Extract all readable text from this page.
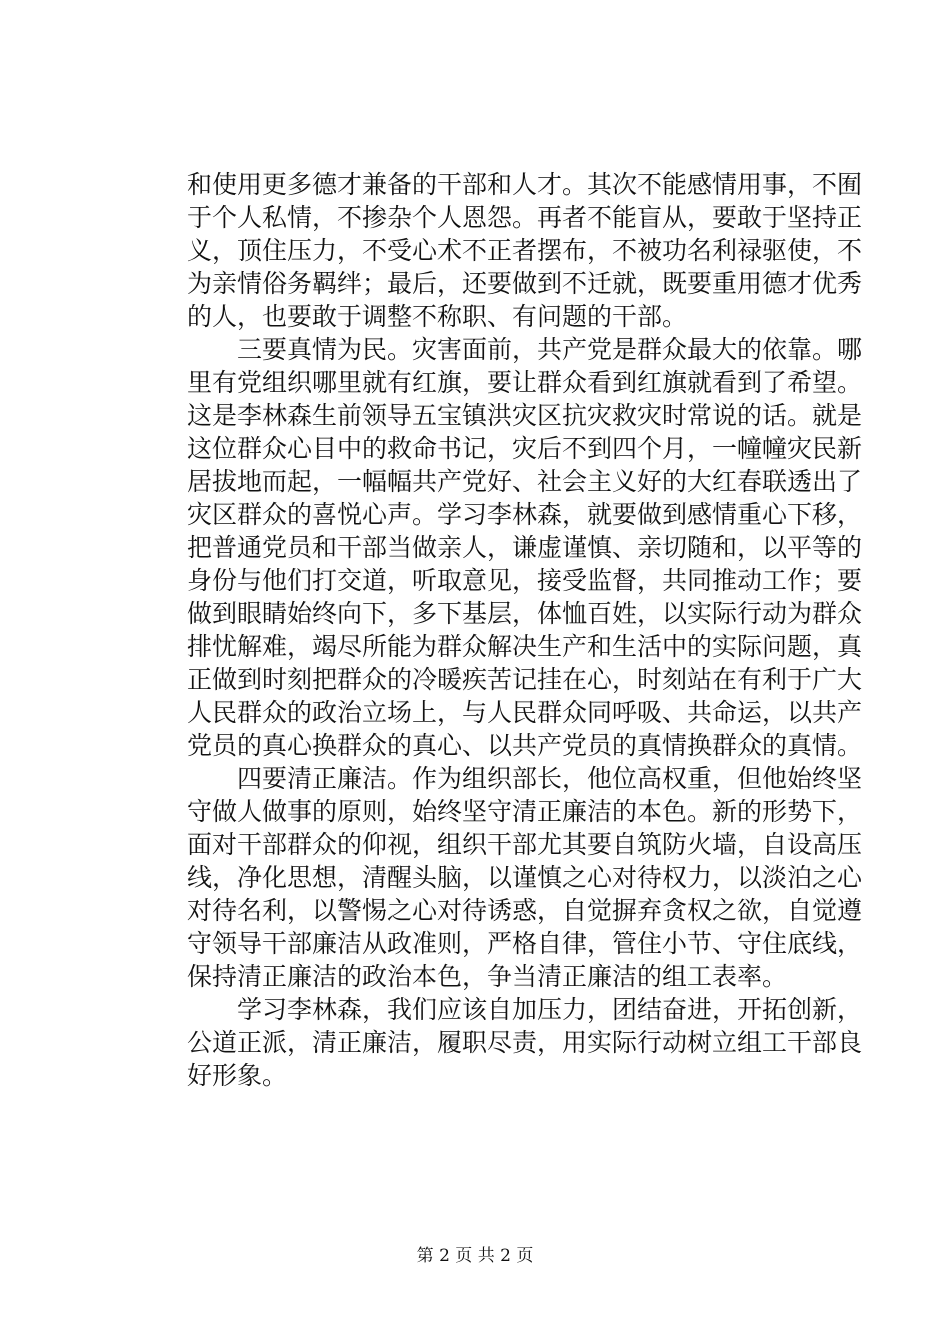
和使用更多德才兼备的干部和人才。其次不能感情用事，不囿
于个人私情，不掺杂个人恩怨。再者不能盲从，要敢于坚持正
义，顶住压力，不受心术不正者摆布，不被功名利禄驱使，不
为亲情俗务羁绊；最后，还要做到不迁就，既要重用德才优秀
的人，也要敢于调整不称职、有问题的干部。
　　三要真情为民。灾害面前，共产党是群众最大的依靠。哪
里有党组织哪里就有红旗，要让群众看到红旗就看到了希望。
这是李林森生前领导五宝镇洪灾区抗灾救灾时常说的话。就是
这位群众心目中的救命书记，灾后不到四个月，一幢幢灾民新
居拔地而起，一幅幅共产党好、社会主义好的大红春联透出了
灾区群众的喜悦心声。学习李林森，就要做到感情重心下移，
把普通党员和干部当做亲人，谦虚谨慎、亲切随和，以平等的
身份与他们打交道，听取意见，接受监督，共同推动工作；要
做到眼睛始终向下，多下基层，体恤百姓，以实际行动为群众
排忧解难，竭尽所能为群众解决生产和生活中的实际问题，真
正做到时刻把群众的冷暖疾苦记挂在心，时刻站在有利于广大
人民群众的政治立场上，与人民群众同呼吸、共命运，以共产
党员的真心换群众的真心、以共产党员的真情换群众的真情。
　　四要清正廉洁。作为组织部长，他位高权重，但他始终坚
守做人做事的原则，始终坚守清正廉洁的本色。新的形势下，
面对干部群众的仰视，组织干部尤其要自筑防火墙，自设高压
线，净化思想，清醒头脑，以谨慎之心对待权力，以淡泊之心
对待名利，以警惕之心对待诱惑，自觉摒弃贪权之欲，自觉遵
守领导干部廉洁从政准则，严格自律，管住小节、守住底线，
保持清正廉洁的政治本色，争当清正廉洁的组工表率。
　　学习李林森，我们应该自加压力，团结奋进，开拓创新，
公道正派，清正廉洁，履职尽责，用实际行动树立组工干部良
好形象。
第 2 页 共 2 页
